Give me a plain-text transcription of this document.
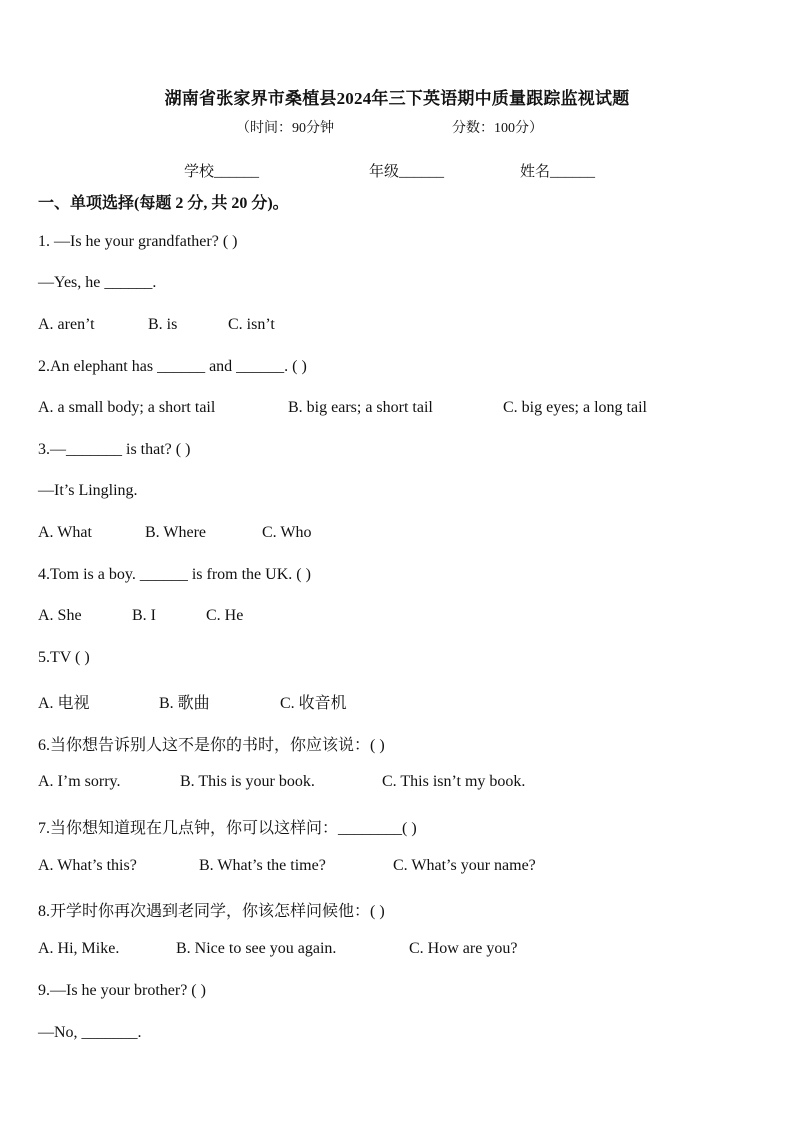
湖南省张家界市桑植县2024年三下英语期中质量跟踪监视试题
（时间：90分钟	分数：100分）
学校______	年级______	姓名______
一、单项选择(每题 2 分, 共 20 分)。
1. —Is he your grandfather? ( )
—Yes, he ______.
A. aren’t	B. is	C. isn’t
2.An elephant has ______ and ______. ( )
A. a small body; a short tail	B. big ears; a short tail	C. big eyes; a long tail
3.—_______ is that? ( )
—It’s Lingling.
A. What	B. Where	C. Who
4.Tom is a boy. ______ is from the UK. ( )
A. She	B. I	C. He
5.TV ( )
A. 电视	B. 歌曲	C. 收音机
6.当你想告诉别人这不是你的书时，你应该说：( )
A. I’m sorry.	B. This is your book.	C. This isn’t my book.
7.当你想知道现在几点钟，你可以这样问：________( )
A. What’s this?	B. What’s the time?	C. What’s your name?
8.开学时你再次遇到老同学，你该怎样问候他：( )
A. Hi, Mike.	B. Nice to see you again.	C. How are you?
9.—Is he your brother? ( )
—No, _______.
